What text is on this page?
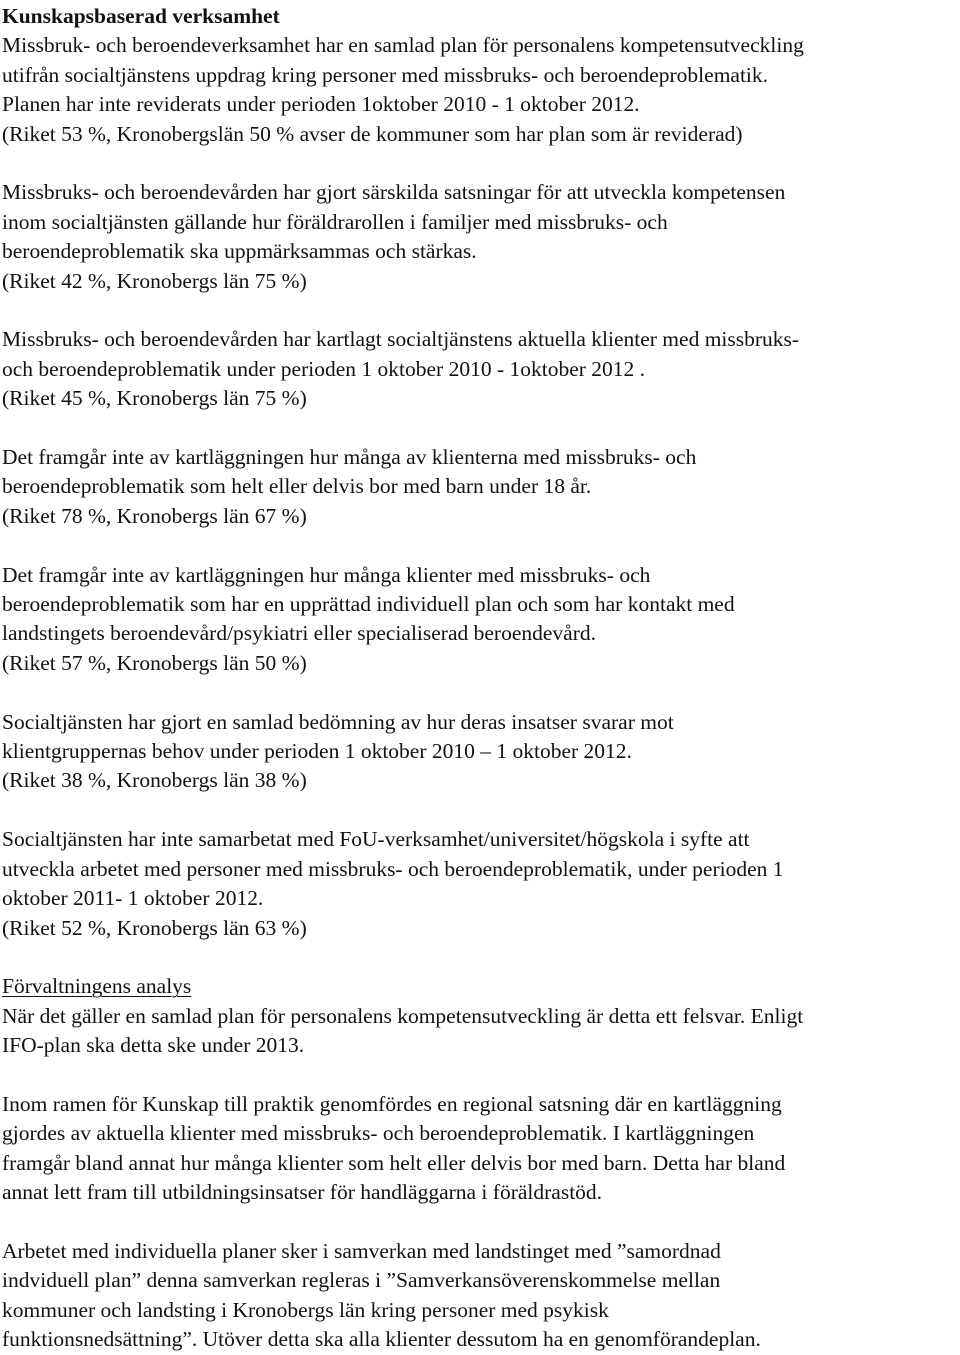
Kunskapsbaserad verksamhet
Missbruk- och beroendeverksamhet har en samlad plan för personalens kompetensutveckling
utifrån socialtjänstens uppdrag kring personer med missbruks- och beroendeproblematik.
Planen har inte reviderats under perioden 1oktober 2010 - 1 oktober 2012.
(Riket 53 %, Kronobergslän 50 % avser de kommuner som har plan som är reviderad)
Missbruks- och beroendevården har gjort särskilda satsningar för att utveckla kompetensen
inom socialtjänsten gällande hur föräldrarollen i familjer med missbruks- och
beroendeproblematik ska uppmärksammas och stärkas.
(Riket 42 %, Kronobergs län 75 %)
Missbruks- och beroendevården har kartlagt socialtjänstens aktuella klienter med missbruks-
och beroendeproblematik under perioden 1 oktober 2010 - 1oktober 2012 .
(Riket 45 %, Kronobergs län 75 %)
Det framgår inte av kartläggningen hur många av klienterna med missbruks- och
beroendeproblematik som helt eller delvis bor med barn under 18 år.
(Riket 78 %, Kronobergs län 67 %)
Det framgår inte av kartläggningen hur många klienter med missbruks- och
beroendeproblematik som har en upprättad individuell plan och som har kontakt med
landstingets beroendevård/psykiatri eller specialiserad beroendevård.
(Riket 57 %, Kronobergs län 50 %)
Socialtjänsten har gjort en samlad bedömning av hur deras insatser svarar mot
klientgruppernas behov under perioden 1 oktober 2010 – 1 oktober 2012.
(Riket 38 %, Kronobergs län 38 %)
Socialtjänsten har inte samarbetat med FoU-verksamhet/universitet/högskola i syfte att
utveckla arbetet med personer med missbruks- och beroendeproblematik, under perioden 1
oktober 2011- 1 oktober 2012.
(Riket 52 %, Kronobergs län 63 %)
Förvaltningens analys
När det gäller en samlad plan för personalens kompetensutveckling är detta ett felsvar. Enligt
IFO-plan ska detta ske under 2013.
Inom ramen för Kunskap till praktik genomfördes en regional satsning där en kartläggning
gjordes av aktuella klienter med missbruks- och beroendeproblematik. I kartläggningen
framgår bland annat hur många klienter som helt eller delvis bor med barn. Detta har bland
annat lett fram till utbildningsinsatser för handläggarna i föräldrastöd.
Arbetet med individuella planer sker i samverkan med landstinget med ”samordnad
indviduell plan” denna samverkan regleras i ”Samverkansöverenskommelse mellan
kommuner och landsting i Kronobergs län kring personer med psykisk
funktionsnedsättning”. Utöver detta ska alla klienter dessutom ha en genomförandeplan.
